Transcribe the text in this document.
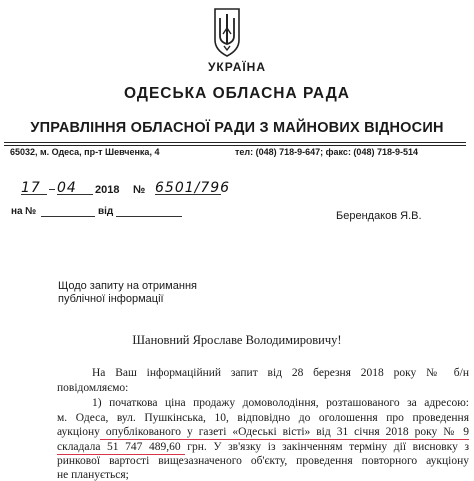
УКРАЇНА
ОДЕСЬКА ОБЛАСНА РАДА
УПРАВЛІННЯ ОБЛАСНОЇ РАДИ З МАЙНОВИХ ВІДНОСИН
65032, м. Одеса, пр-т Шевченка, 4	тел: (048) 718-9-647; факс: (048) 718-9-514
17	04	2018 № 6501/796
на №	від	Берендаков Я.В.
Щодо запиту на отримання
публічної інформації
Шановний Ярославе Володимировичу!
На Ваш інформаційний запит від 28 березня 2018 року № б/н
повідомляємо:
1) початкова ціна продажу домоволодіння, розташованого за адресою:
м. Одеса, вул. Пушкінська, 10, відповідно до оголошення про проведення
аукціону опублікованого у газеті «Одеські вісті» від 31 січня 2018 року № 9
складала 51 747 489,60 грн. У зв'язку із закінченням терміну дії висновку з
ринкової вартості вищезазначеного об'єкту, проведення повторного аукціону
не планується;
